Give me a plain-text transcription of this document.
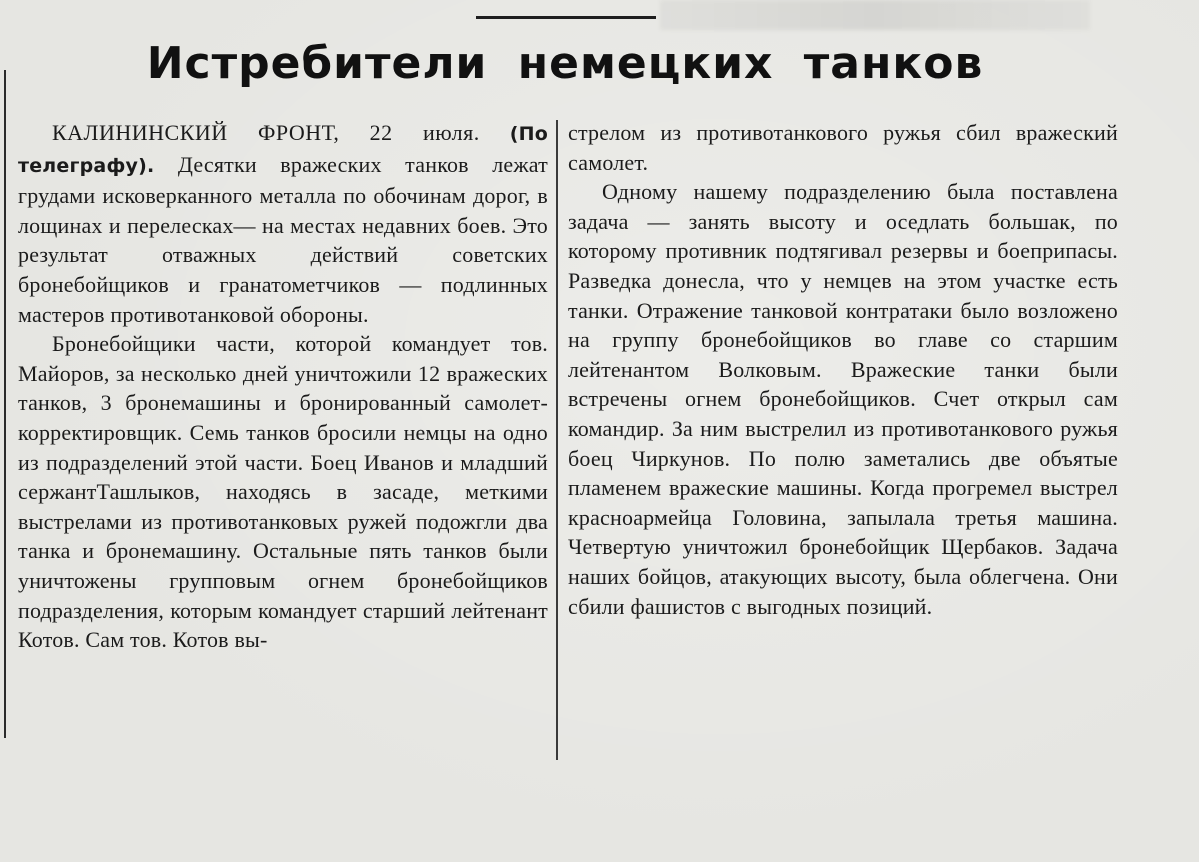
Истребители немецких танков

КАЛИНИНСКИЙ ФРОНТ, 22 июля. (По телеграфу). Десятки вражеских танков лежат грудами исковерканного металла по обочинам дорог, в лощинах и перелесках— на местах недавних боев. Это результат отважных действий советских бронебойщиков и гранатометчиков — подлинных мастеров противотанковой обороны.

Бронебойщики части, которой командует тов. Майоров, за несколько дней уничтожили 12 вражеских танков, 3 бронемашины и бронированный самолет-корректировщик. Семь танков бросили немцы на одно из подразделений этой части. Боец Иванов и младший сержантТашлыков, находясь в засаде, меткими выстрелами из противотанковых ружей подожгли два танка и бронемашину. Остальные пять танков были уничтожены групповым огнем бронебойщиков подразделения, которым командует старший лейтенант Котов. Сам тов. Котов вы-

стрелом из противотанкового ружья сбил вражеский самолет.

Одному нашему подразделению была поставлена задача — занять высоту и оседлать большак, по которому противник подтягивал резервы и боеприпасы. Разведка донесла, что у немцев на этом участке есть танки. Отражение танковой контратаки было возложено на группу бронебойщиков во главе со старшим лейтенантом Волковым. Вражеские танки были встречены огнем бронебойщиков. Счет открыл сам командир. За ним выстрелил из противотанкового ружья боец Чиркунов. По полю заметались две объятые пламенем вражеские машины. Когда прогремел выстрел красноармейца Головина, запылала третья машина. Четвертую уничтожил бронебойщик Щербаков. Задача наших бойцов, атакующих высоту, была облегчена. Они сбили фашистов с выгодных позиций.
